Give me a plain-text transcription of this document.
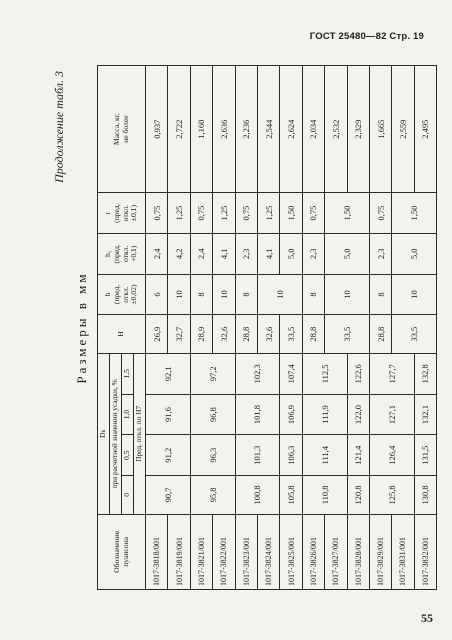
ГОСТ 25480—82 Стр. 19
Продолжение табл. 3
Размеры в мм
Обозначение
пуансона	Dₖ				H	h
(пред.
откл.
±0,02)	h₁
(пред.
откл.
+0,1)	r
(пред.
откл.
±0,1)	Масса, кг,
не более
	при расчетной значении усадки, %								
	0	0,5	1,0	1,5					
	Пред. откл. по H7								
1017-3818/001	90,7	91,2	91,6	92,1	26,9	6	2,4	0,75	0,937
1017-3819/001					32,7	10	4,2	1,25	2,722
1017-3821/001	95,8	96,3	96,8	97,2	28,9	8	2,4	0,75	1,160
1017-3822/001					32,6	10	4,1	1,25	2,636
1017-3823/001	100,8	101,3	101,8	102,3	28,8	8	2,3	0,75	2,236
1017-3824/001					32,6	10	4,1	1,25	2,544
1017-3825/001	105,8	106,3	106,9	107,4	33,5		5,0	1,50	2,624
1017-3826/001	110,8	111,4	111,9	112,5	28,8	8	2,3	0,75	2,034
1017-3827/001					33,5	10	5,0	1,50	2,532
1017-3828/001	120,8	121,4	122,0	122,6					2,329
1017-3829/001	125,8	126,4	127,1	127,7	28,8	8	2,3	0,75	1,665
1017-3831/001					33,5	10	5,0	1,50	2,559
1017-3832/001	130,8	131,5	132,1	132,8					2,495
55
